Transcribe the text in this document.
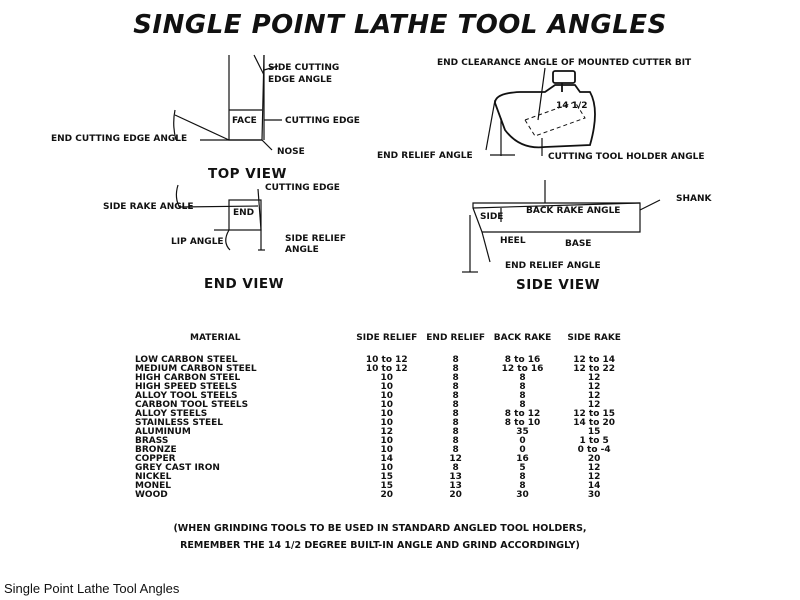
SINGLE POINT LATHE TOOL ANGLES
SIDE CUTTING
EDGE ANGLE
FACE	CUTTING EDGE
END CUTTING EDGE ANGLE
NOSE
TOP VIEW
CUTTING EDGE
SIDE RAKE ANGLE
END
LIP ANGLE	SIDE RELIEF
ANGLE
END VIEW
END CLEARANCE ANGLE OF MOUNTED CUTTER BIT
14 1/2
END RELIEF ANGLE	CUTTING TOOL HOLDER ANGLE
SHANK
SIDE
BACK RAKE ANGLE
HEEL	BASE
END RELIEF ANGLE
SIDE VIEW
MATERIAL	SIDE RELIEF	END RELIEF	BACK RAKE	SIDE RAKE
LOW CARBON STEEL	10 to 12	8	8 to 16	12 to 14
MEDIUM CARBON STEEL	10 to 12	8	12 to 16	12 to 22
HIGH CARBON STEEL	10	8	8	12
HIGH SPEED STEELS	10	8	8	12
ALLOY TOOL STEELS	10	8	8	12
CARBON TOOL STEELS	10	8	8	12
ALLOY STEELS	10	8	8 to 12	12 to 15
STAINLESS STEEL	10	8	8 to 10	14 to 20
ALUMINUM	12	8	35	15
BRASS	10	8	0	1 to 5
BRONZE	10	8	0	0 to -4
COPPER	14	12	16	20
GREY CAST IRON	10	8	5	12
NICKEL	15	13	8	12
MONEL	15	13	8	14
WOOD	20	20	30	30
(WHEN GRINDING TOOLS TO BE USED IN STANDARD ANGLED TOOL HOLDERS,
REMEMBER THE 14 1/2 DEGREE BUILT-IN ANGLE AND GRIND ACCORDINGLY)
Single Point Lathe Tool Angles
